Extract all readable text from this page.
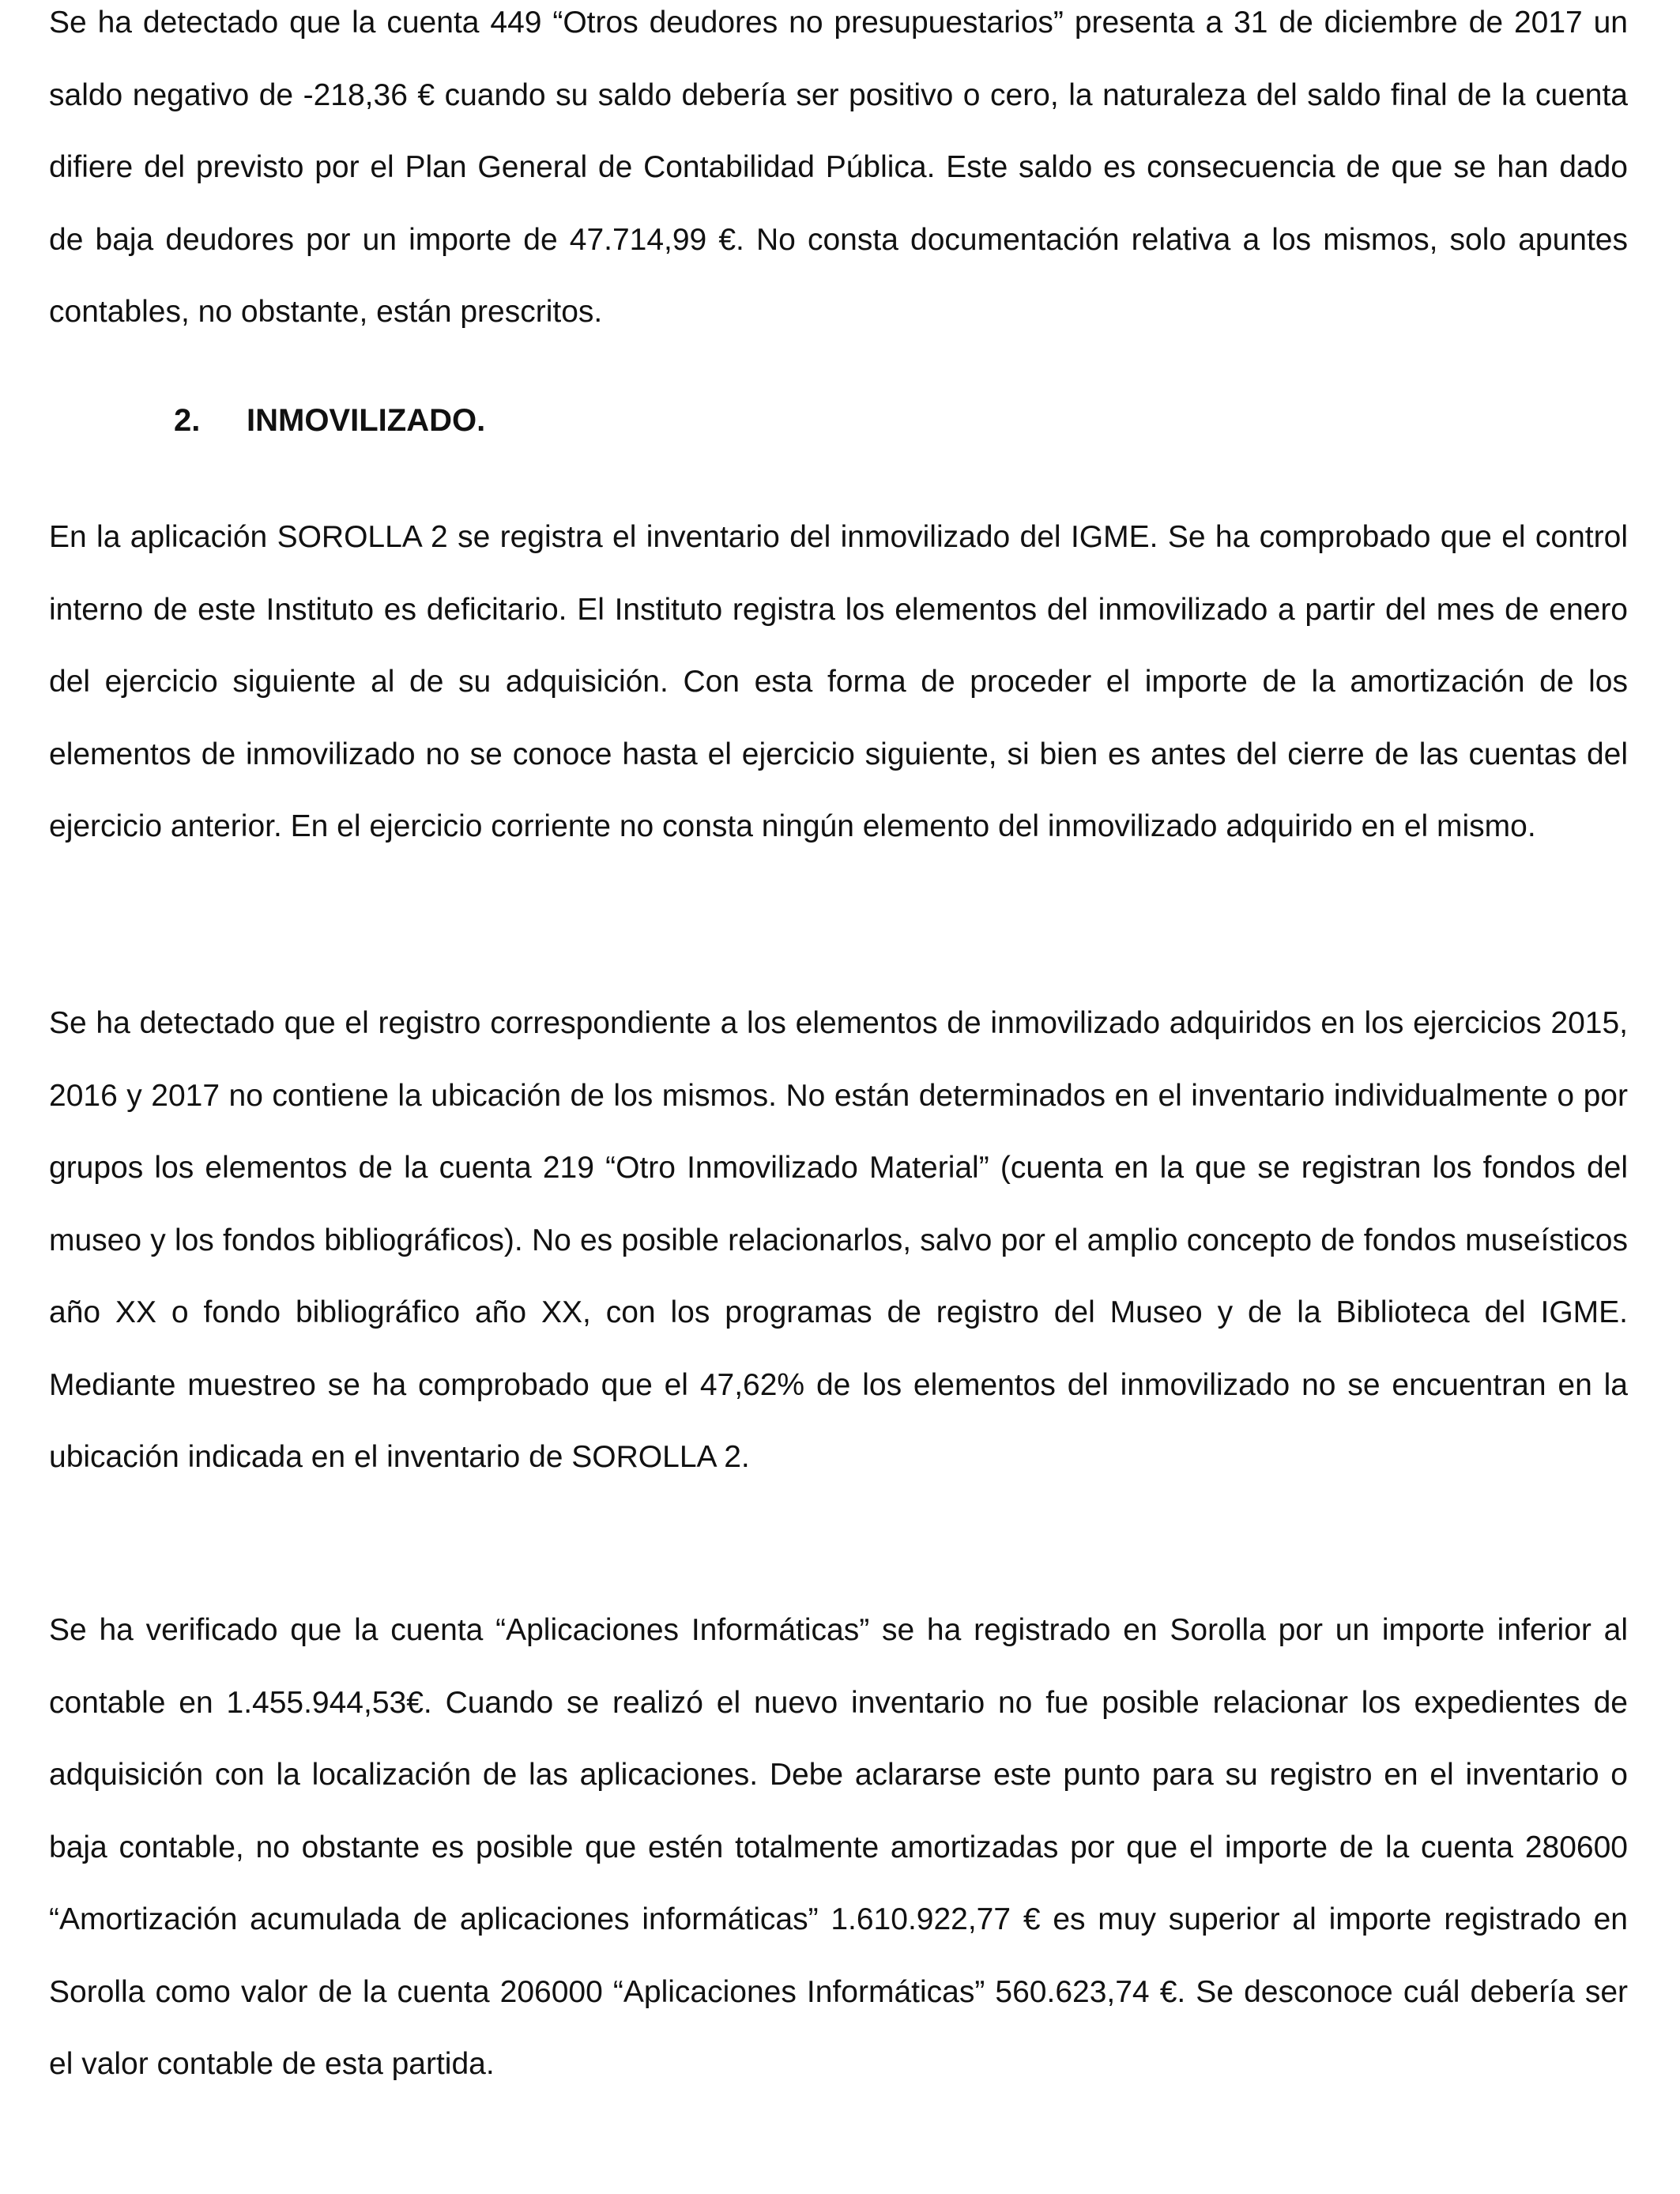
Se ha detectado que la cuenta 449 “Otros deudores no presupuestarios” presenta a 31 de diciembre de 2017 un saldo negativo de -218,36 € cuando su saldo debería ser positivo o cero, la naturaleza del saldo final de la cuenta difiere del previsto por el Plan General de Contabilidad Pública. Este saldo es consecuencia de que se han dado de baja deudores por un importe de 47.714,99 €. No consta documentación relativa a los mismos, solo apuntes contables, no obstante, están prescritos.

2. INMOVILIZADO.

En la aplicación SOROLLA 2 se registra el inventario del inmovilizado del IGME. Se ha comprobado que el control interno de este Instituto es deficitario. El Instituto registra los elementos del inmovilizado a partir del mes de enero del ejercicio siguiente al de su adquisición. Con esta forma de proceder el importe de la amortización de los elementos de inmovilizado no se conoce hasta el ejercicio siguiente, si bien es antes del cierre de las cuentas del ejercicio anterior. En el ejercicio corriente no consta ningún elemento del inmovilizado adquirido en el mismo.

Se ha detectado que el registro correspondiente a los elementos de inmovilizado adquiridos en los ejercicios 2015, 2016 y 2017 no contiene la ubicación de los mismos. No están determinados en el inventario individualmente o por grupos los elementos de la cuenta 219 “Otro Inmovilizado Material” (cuenta en la que se registran los fondos del museo y los fondos bibliográficos). No es posible relacionarlos, salvo por el amplio concepto de fondos museísticos año XX o fondo bibliográfico año XX, con los programas de registro del Museo y de la Biblioteca del IGME. Mediante muestreo se ha comprobado que el 47,62% de los elementos del inmovilizado no se encuentran en la ubicación indicada en el inventario de SOROLLA 2.

Se ha verificado que la cuenta “Aplicaciones Informáticas” se ha registrado en Sorolla por un importe inferior al contable en 1.455.944,53€. Cuando se realizó el nuevo inventario no fue posible relacionar los expedientes de adquisición con la localización de las aplicaciones. Debe aclararse este punto para su registro en el inventario o baja contable, no obstante es posible que estén totalmente amortizadas por que el importe de la cuenta 280600 “Amortización acumulada de aplicaciones informáticas” 1.610.922,77 € es muy superior al importe registrado en Sorolla como valor de la cuenta 206000 “Aplicaciones Informáticas” 560.623,74 €. Se desconoce cuál debería ser el valor contable de esta partida.
